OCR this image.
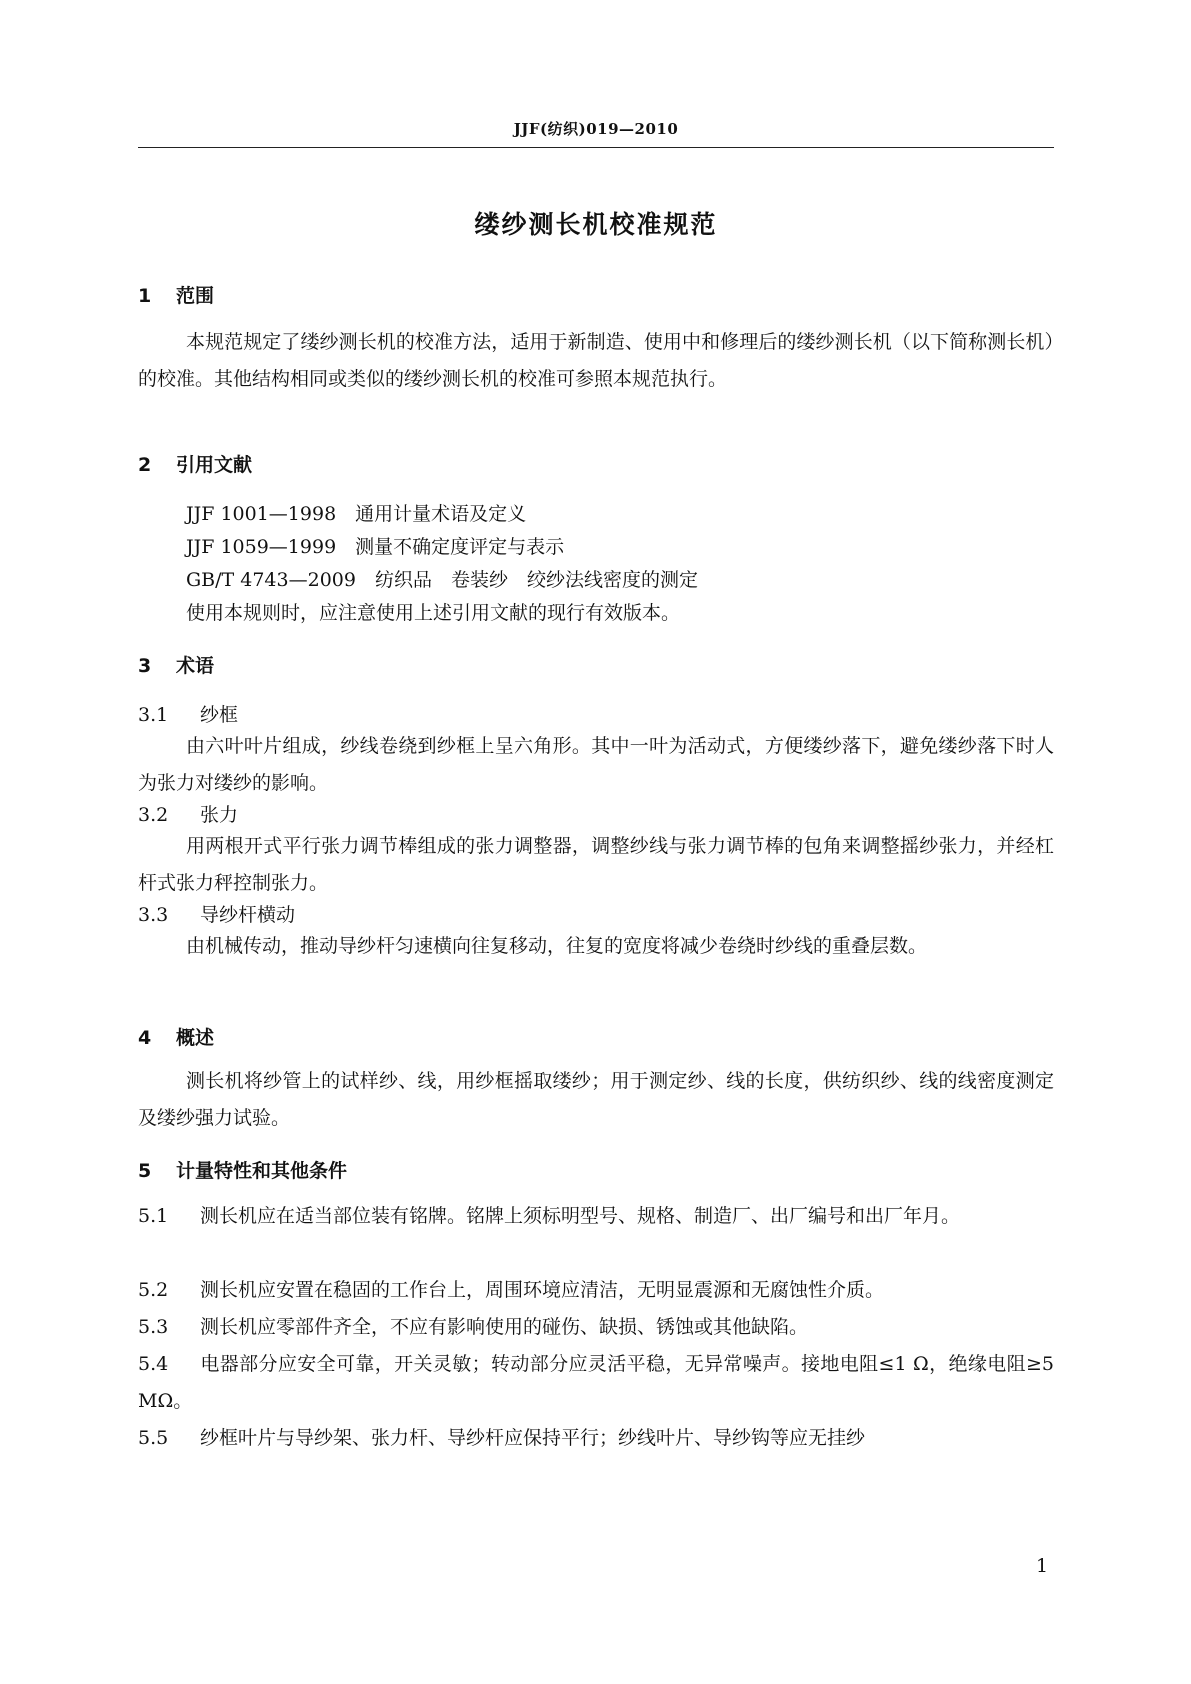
JJF(纺织)019—2010
缕纱测长机校准规范
1 范围
本规范规定了缕纱测长机的校准方法，适用于新制造、使用中和修理后的缕纱测长机（以下简称测长机）的校准。其他结构相同或类似的缕纱测长机的校准可参照本规范执行。
2 引用文献
JJF 1001—1998　通用计量术语及定义
JJF 1059—1999　测量不确定度评定与表示
GB/T 4743—2009　纺织品　卷装纱　绞纱法线密度的测定
使用本规则时，应注意使用上述引用文献的现行有效版本。
3 术语
3.1 纱框
由六叶叶片组成，纱线卷绕到纱框上呈六角形。其中一叶为活动式，方便缕纱落下，避免缕纱落下时人为张力对缕纱的影响。
3.2 张力
用两根开式平行张力调节棒组成的张力调整器，调整纱线与张力调节棒的包角来调整摇纱张力，并经杠杆式张力秤控制张力。
3.3 导纱杆横动
由机械传动，推动导纱杆匀速横向往复移动，往复的宽度将减少卷绕时纱线的重叠层数。
4 概述
测长机将纱管上的试样纱、线，用纱框摇取缕纱；用于测定纱、线的长度，供纺织纱、线的线密度测定及缕纱强力试验。
5 计量特性和其他条件
5.1 测长机应在适当部位装有铭牌。铭牌上须标明型号、规格、制造厂、出厂编号和出厂年月。
5.2 测长机应安置在稳固的工作台上，周围环境应清洁，无明显震源和无腐蚀性介质。
5.3 测长机应零部件齐全，不应有影响使用的碰伤、缺损、锈蚀或其他缺陷。
5.4 电器部分应安全可靠，开关灵敏；转动部分应灵活平稳，无异常噪声。接地电阻≤1 Ω，绝缘电阻≥5 MΩ。
5.5 纱框叶片与导纱架、张力杆、导纱杆应保持平行；纱线叶片、导纱钩等应无挂纱
1
